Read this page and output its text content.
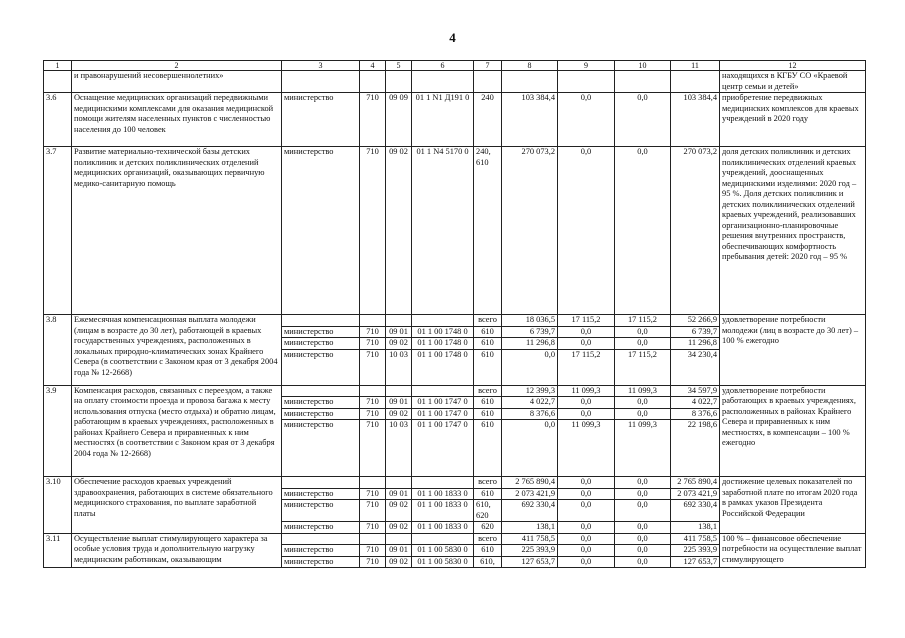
4
1	2	3	4	5	6	7	8	9	10	11	12
	и правонарушений несовершеннолетних»										находящихся в КГБУ СО «Краевой центр семьи и детей»
3.6	Оснащение медицинских организаций передвижными медицинскими комплексами для оказания медицинской помощи жителям населенных пунктов с численностью населения до 100 человек	министерство	710	09 09	01 1 N1 Д191 0	240	103 384,4	0,0	0,0	103 384,4	приобретение передвижных медицинских комплексов для краевых учреждений в 2020 году
3.7	Развитие материально-технической базы детских поликлиник и детских поликлинических отделений медицинских организаций, оказывающих первичную медико-санитарную помощь	министерство	710	09 02	01 1 N4 5170 0	240, 610	270 073,2	0,0	0,0	270 073,2	доля детских поликлиник и детских поликлинических отделений краевых учреждений, дооснащенных медицинскими изделиями: 2020 год – 95 %. Доля детских поликлиник и детских поликлинических отделений краевых учреждений, реализовавших организационно-планировочные решения внутренних пространств, обеспечивающих комфортность пребывания детей: 2020 год – 95 %
3.8	Ежемесячная компенсационная выплата молодежи (лицам в возрасте до 30 лет), работающей в краевых государственных учреждениях, расположенных в локальных природно-климатических зонах Крайнего Севера (в соответствии с Законом края от 3 декабря 2004 года № 12-2668)					всего	18 036,5	17 115,2	17 115,2	52 266,9	удовлетворение потребности молодежи (лиц в возрасте до 30 лет) – 100 % ежегодно
		министерство	710	09 01	01 1 00 1748 0	610	6 739,7	0,0	0,0	6 739,7	
		министерство	710	09 02	01 1 00 1748 0	610	11 296,8	0,0	0,0	11 296,8	
		министерство	710	10 03	01 1 00 1748 0	610	0,0	17 115,2	17 115,2	34 230,4	

3.9	Компенсация расходов, связанных с переездом, а также на оплату стоимости проезда и провоза багажа к месту использования отпуска (место отдыха) и обратно лицам, работающим в краевых учреждениях, расположенных в районах Крайнего Севера и приравненных к ним местностях (в соответствии с Законом края от 3 декабря 2004 года № 12-2668)					всего	12 399,3	11 099,3	11 099,3	34 597,9	удовлетворение потребности работающих в краевых учреждениях, расположенных в районах Крайнего Севера и приравненных к ним местностях, в компенсации – 100 % ежегодно
		министерство	710	09 01	01 1 00 1747 0	610	4 022,7	0,0	0,0	4 022,7	
		министерство	710	09 02	01 1 00 1747 0	610	8 376,6	0,0	0,0	8 376,6	
		министерство	710	10 03	01 1 00 1747 0	610	0,0	11 099,3	11 099,3	22 198,6	

3.10	Обеспечение расходов краевых учреждений здравоохранения, работающих в системе обязательного медицинского страхования, по выплате заработной платы					всего	2 765 890,4	0,0	0,0	2 765 890,4	достижение целевых показателей по заработной плате по итогам 2020 года в рамках указов Президента Российской Федерации
		министерство	710	09 01	01 1 00 1833 0	610	2 073 421,9	0,0	0,0	2 073 421,9	
		министерство	710	09 02	01 1 00 1833 0	610, 620	692 330,4	0,0	0,0	692 330,4	
		министерство	710	09 02	01 1 00 1833 0	620	138,1	0,0	0,0	138,1	
3.11	Осуществление выплат стимулирующего характера за особые условия труда и дополнительную нагрузку медицинским работникам, оказывающим					всего	411 758,5	0,0	0,0	411 758,5	100 % – финансовое обеспечение потребности на осуществление выплат стимулирующего
		министерство	710	09 01	01 1 00 5830 0	610	225 393,9	0,0	0,0	225 393,9	
		министерство	710	09 02	01 1 00 5830 0	610,	127 653,7	0,0	0,0	127 653,7	
